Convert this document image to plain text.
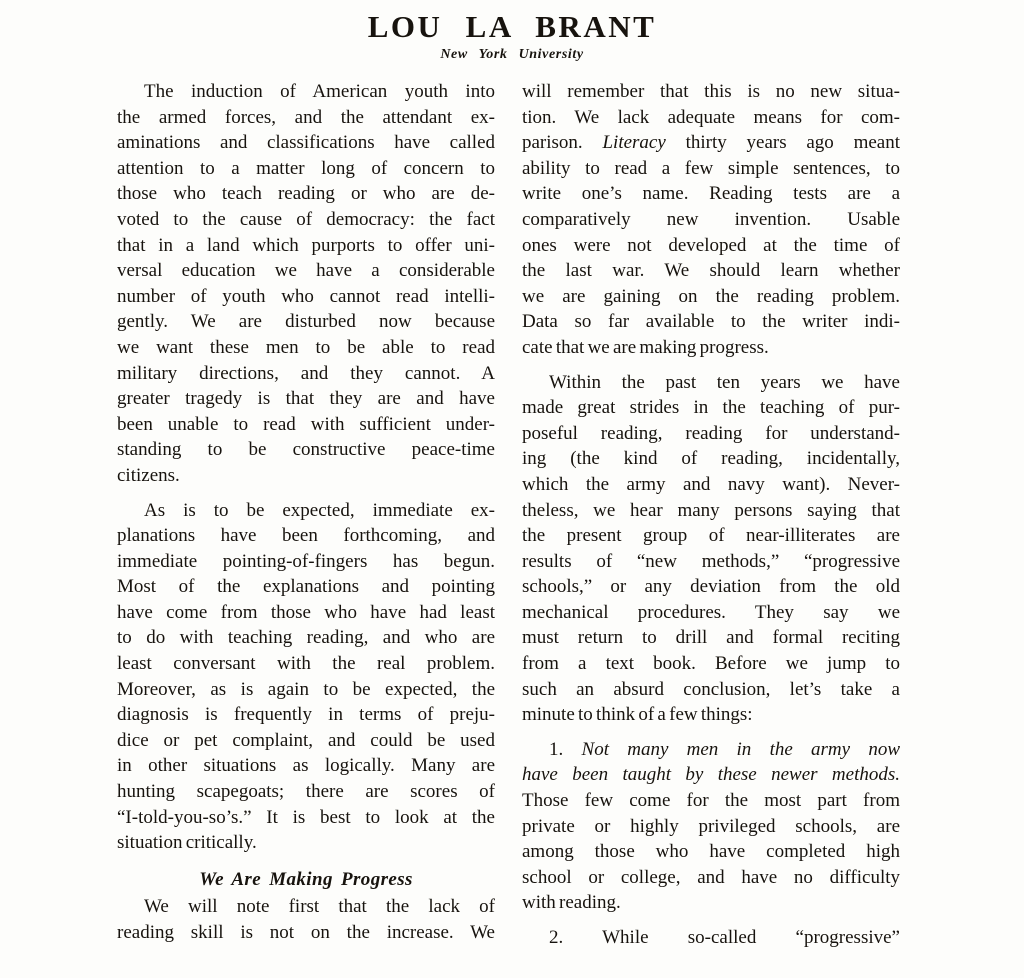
LOU LA BRANT
New York University
The induction of American youth into
the armed forces, and the attendant ex-
aminations and classifications have called
attention to a matter long of concern to
those who teach reading or who are de-
voted to the cause of democracy: the fact
that in a land which purports to offer uni-
versal education we have a considerable
number of youth who cannot read intelli-
gently. We are disturbed now because
we want these men to be able to read
military directions, and they cannot. A
greater tragedy is that they are and have
been unable to read with sufficient under-
standing to be constructive peace-time
citizens.
As is to be expected, immediate ex-
planations have been forthcoming, and
immediate pointing-of-fingers has begun.
Most of the explanations and pointing
have come from those who have had least
to do with teaching reading, and who are
least conversant with the real problem.
Moreover, as is again to be expected, the
diagnosis is frequently in terms of preju-
dice or pet complaint, and could be used
in other situations as logically. Many are
hunting scapegoats; there are scores of
“I-told-you-so’s.” It is best to look at the
situation critically.
We Are Making Progress
We will note first that the lack of
reading skill is not on the increase. We
will remember that this is no new situa-
tion. We lack adequate means for com-
parison. Literacy thirty years ago meant
ability to read a few simple sentences, to
write one’s name. Reading tests are a
comparatively new invention. Usable
ones were not developed at the time of
the last war. We should learn whether
we are gaining on the reading problem.
Data so far available to the writer indi-
cate that we are making progress.
Within the past ten years we have
made great strides in the teaching of pur-
poseful reading, reading for understand-
ing (the kind of reading, incidentally,
which the army and navy want). Never-
theless, we hear many persons saying that
the present group of near-illiterates are
results of “new methods,” “progressive
schools,” or any deviation from the old
mechanical procedures. They say we
must return to drill and formal reciting
from a text book. Before we jump to
such an absurd conclusion, let’s take a
minute to think of a few things:
1. Not many men in the army now
have been taught by these newer methods.
Those few come for the most part from
private or highly privileged schools, are
among those who have completed high
school or college, and have no difficulty
with reading.
2. While so-called “progressive”
